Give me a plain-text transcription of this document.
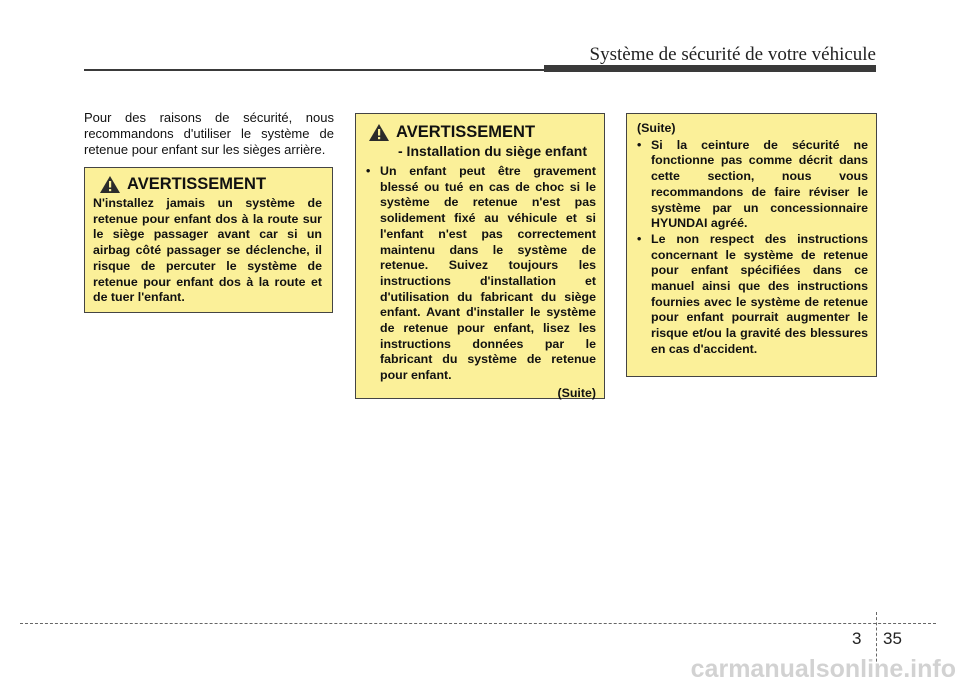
Système de sécurité de votre véhicule
Pour des raisons de sécurité, nous recommandons d'utiliser le système de retenue pour enfant sur les sièges arrière.
AVERTISSEMENT
N'installez jamais un système de retenue pour enfant dos à la route sur le siège passager avant car si un airbag côté passager se déclenche, il risque de percuter le système de retenue pour enfant dos à la route et de tuer l'enfant.
AVERTISSEMENT
- Installation du siège enfant
• Un enfant peut être gravement blessé ou tué en cas de choc si le système de retenue n'est pas solidement fixé au véhicule et si l'enfant n'est pas correctement maintenu dans le système de retenue. Suivez toujours les instructions d'installation et d'utilisation du fabricant du siège enfant. Avant d'installer le système de retenue pour enfant, lisez les instructions données par le fabricant du système de retenue pour enfant.
(Suite)
(Suite)
• Si la ceinture de sécurité ne fonctionne pas comme décrit dans cette section, nous vous recommandons de faire réviser le système par un concessionnaire HYUNDAI agréé.
• Le non respect des instructions concernant le système de retenue pour enfant spécifiées dans ce manuel ainsi que des instructions fournies avec le système de retenue pour enfant pourrait augmenter le risque et/ou la gravité des blessures en cas d'accident.
3 35
carmanualsonline.info
